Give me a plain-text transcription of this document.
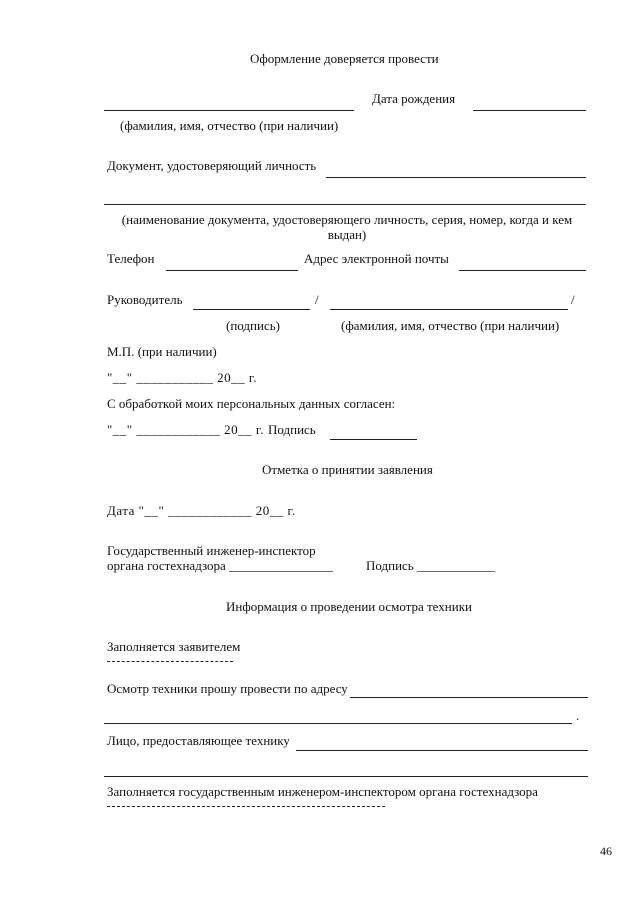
Оформление доверяется провести
Дата рождения
(фамилия, имя, отчество (при наличии)
Документ, удостоверяющий личность
(наименование документа, удостоверяющего личность, серия, номер, когда и кем выдан)
Телефон	Адрес электронной почты
Руководитель	/	/
(подпись)	(фамилия, имя, отчество (при наличии)
М.П. (при наличии)
"__" ___________ 20__ г.
С обработкой моих персональных данных согласен:
"__" ____________ 20__ г. Подпись
Отметка о принятии заявления
Дата "__" ____________ 20__ г.
Государственный инженер-инспектор
органа гостехнадзора ________________	Подпись ____________
Информация о проведении осмотра техники
Заполняется заявителем
Осмотр техники прошу провести по адресу
.
Лицо, предоставляющее технику
Заполняется государственным инженером-инспектором органа гостехнадзора
46
